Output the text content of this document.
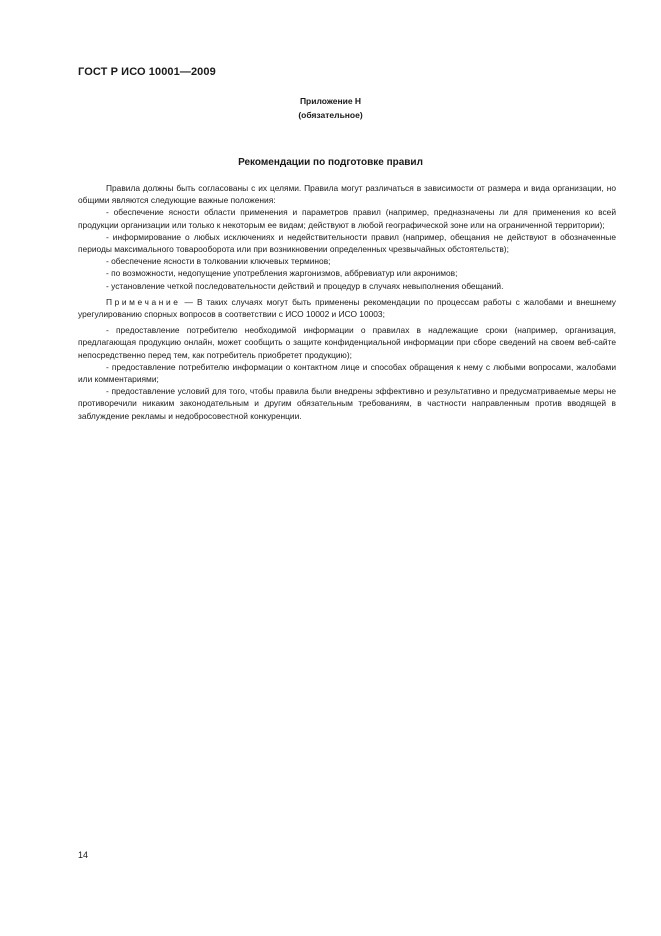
ГОСТ Р ИСО 10001—2009
Приложение Н
(обязательное)
Рекомендации по подготовке правил

Правила должны быть согласованы с их целями. Правила могут различаться в зависимости от размера и вида организации, но общими являются следующие важные положения:

- обеспечение ясности области применения и параметров правил (например, предназначены ли для применения ко всей продукции организации или только к некоторым ее видам; действуют в любой географической зоне или на ограниченной территории);

- информирование о любых исключениях и недействительности правил (например, обещания не действуют в обозначенные периоды максимального товарооборота или при возникновении определенных чрезвычайных обстоятельств);

- обеспечение ясности в толковании ключевых терминов;

- по возможности, недопущение употребления жаргонизмов, аббревиатур или акронимов;

- установление четкой последовательности действий и процедур в случаях невыполнения обещаний.

Примечание — В таких случаях могут быть применены рекомендации по процессам работы с жалобами и внешнему урегулированию спорных вопросов в соответствии с ИСО 10002 и ИСО 10003;

- предоставление потребителю необходимой информации о правилах в надлежащие сроки (например, организация, предлагающая продукцию онлайн, может сообщить о защите конфиденциальной информации при сборе сведений на своем веб-сайте непосредственно перед тем, как потребитель приобретет продукцию);

- предоставление потребителю информации о контактном лице и способах обращения к нему с любыми вопросами, жалобами или комментариями;

- предоставление условий для того, чтобы правила были внедрены эффективно и результативно и предусматриваемые меры не противоречили никаким законодательным и другим обязательным требованиям, в частности направленным против вводящей в заблуждение рекламы и недобросовестной конкуренции.

14
